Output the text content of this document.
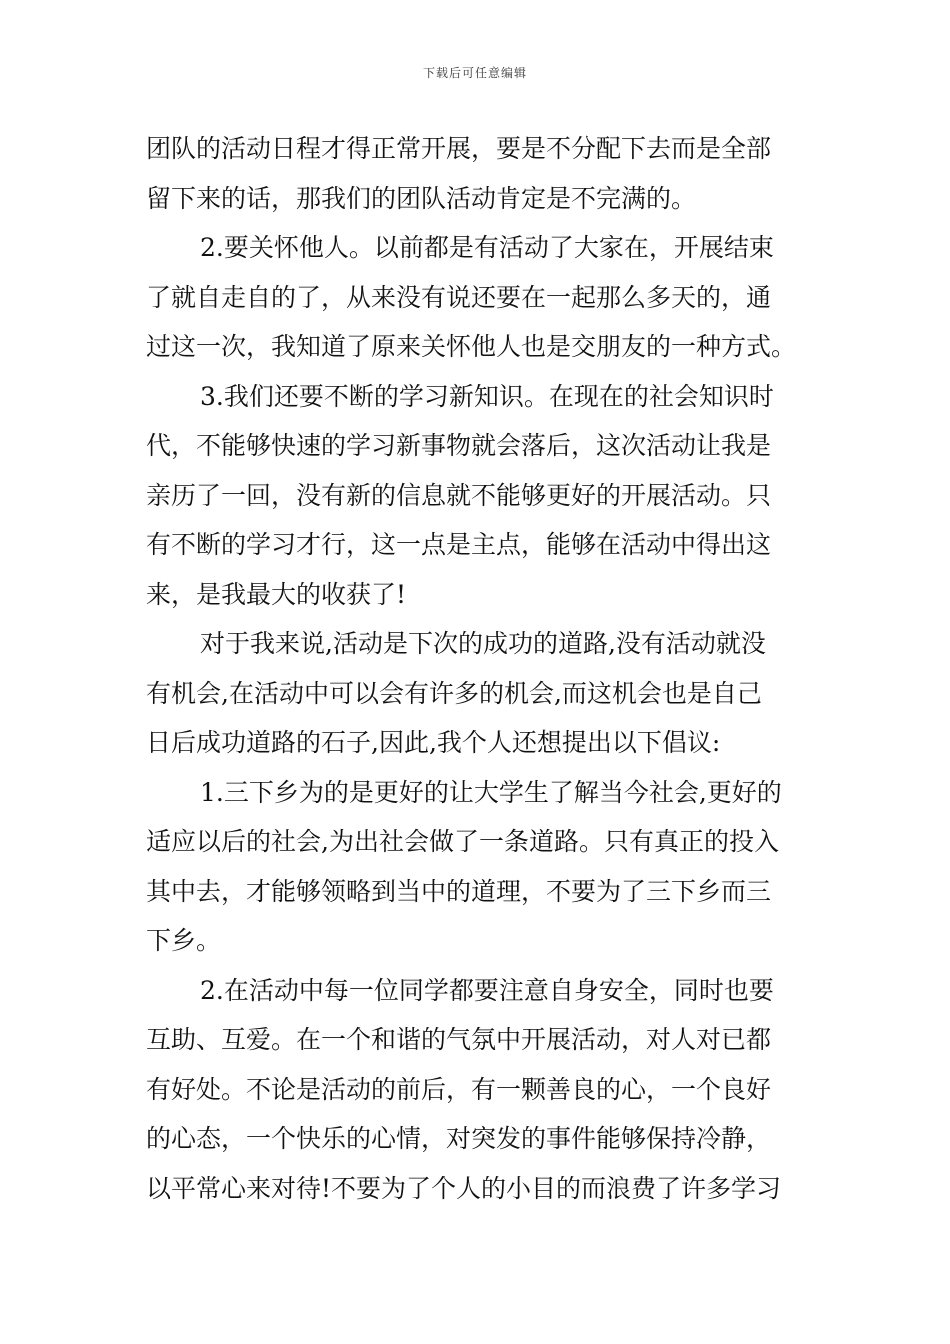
下载后可任意编辑
团队的活动日程才得正常开展，要是不分配下去而是全部
留下来的话，那我们的团队活动肯定是不完满的。
2.要关怀他人。以前都是有活动了大家在，开展结束
了就自走自的了，从来没有说还要在一起那么多天的，通
过这一次，我知道了原来关怀他人也是交朋友的一种方式。
3.我们还要不断的学习新知识。在现在的社会知识时
代，不能够快速的学习新事物就会落后，这次活动让我是
亲历了一回，没有新的信息就不能够更好的开展活动。只
有不断的学习才行，这一点是主点，能够在活动中得出这
来，是我最大的收获了!
对于我来说,活动是下次的成功的道路,没有活动就没
有机会,在活动中可以会有许多的机会,而这机会也是自己
日后成功道路的石子,因此,我个人还想提出以下倡议:
1.三下乡为的是更好的让大学生了解当今社会,更好的
适应以后的社会,为出社会做了一条道路。只有真正的投入
其中去，才能够领略到当中的道理，不要为了三下乡而三
下乡。
2.在活动中每一位同学都要注意自身安全，同时也要
互助、互爱。在一个和谐的气氛中开展活动，对人对已都
有好处。不论是活动的前后，有一颗善良的心，一个良好
的心态，一个快乐的心情，对突发的事件能够保持冷静，
以平常心来对待!不要为了个人的小目的而浪费了许多学习
